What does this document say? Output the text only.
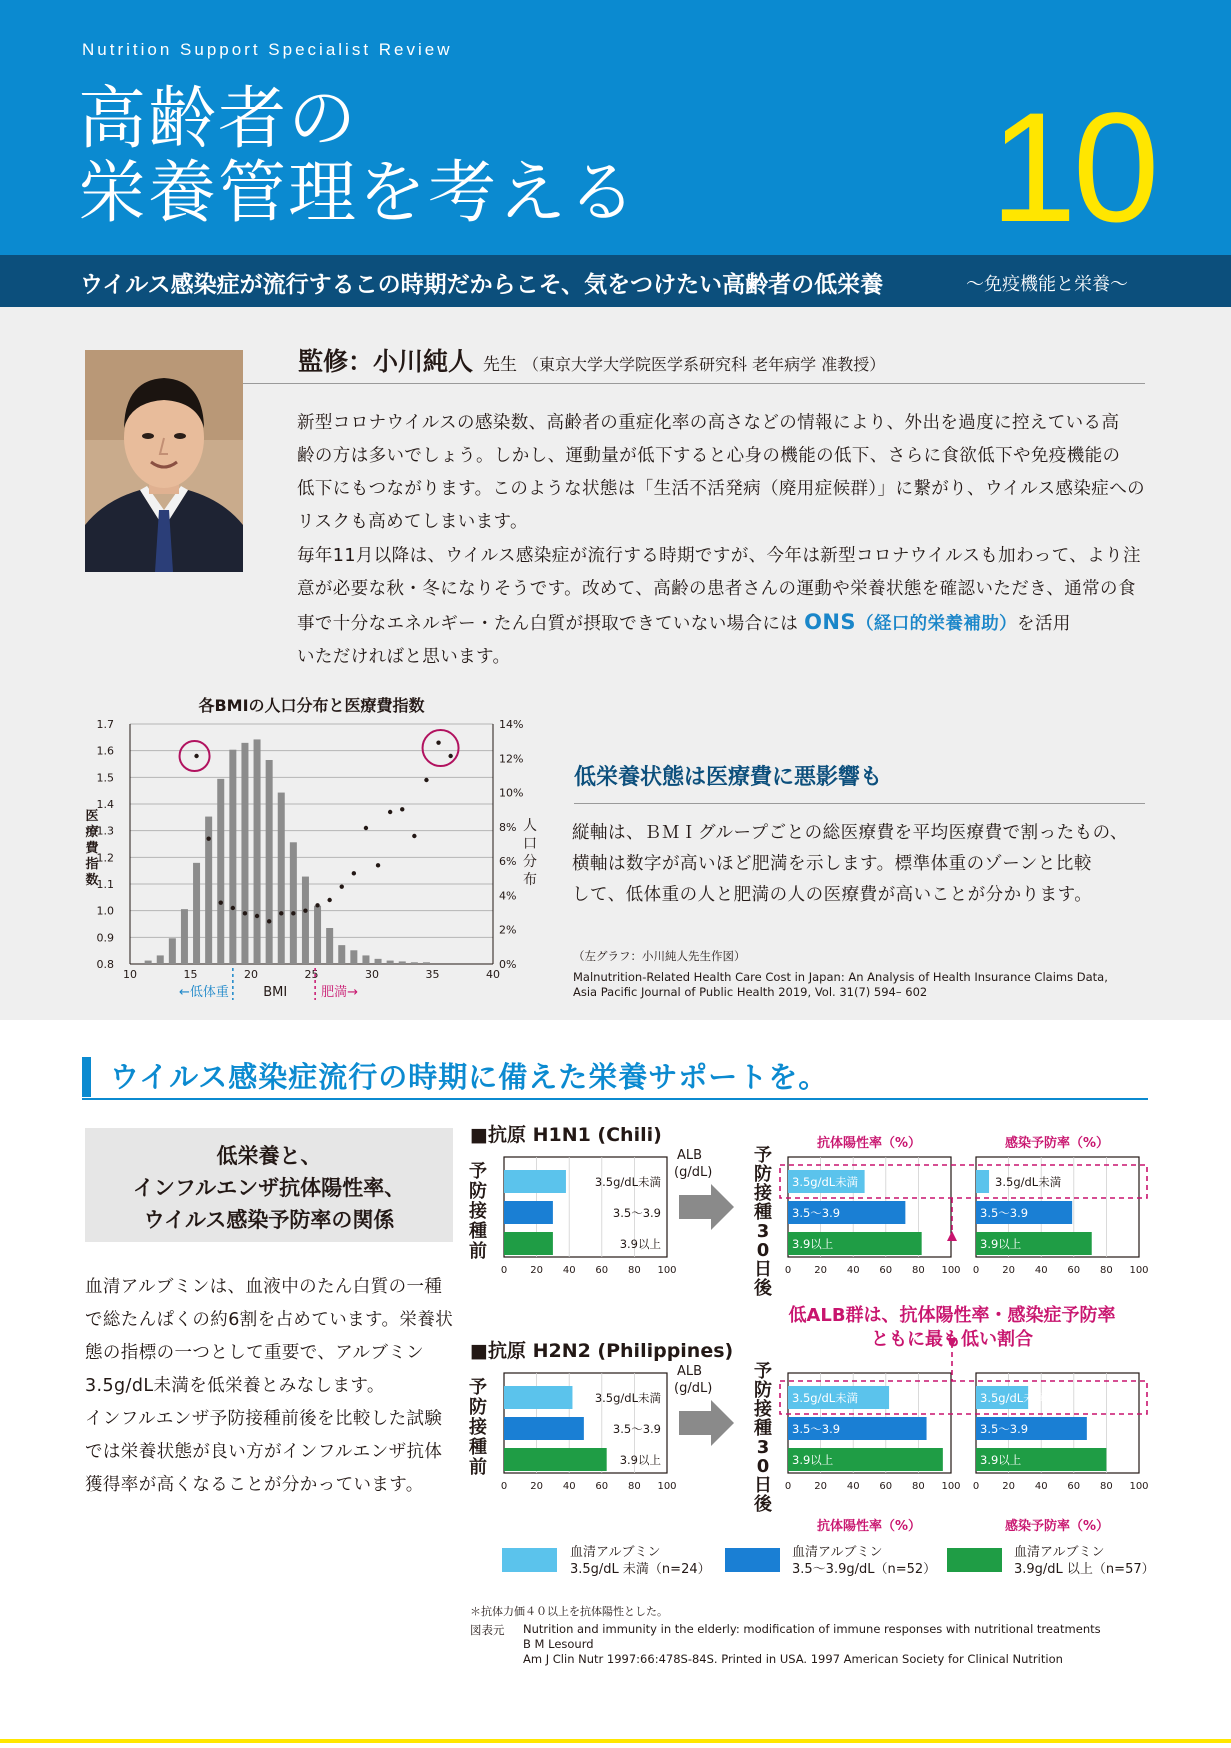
Nutrition Support Specialist Review
高齢者の
栄養管理を考える 10
ウイルス感染症が流行するこの時期だからこそ、気をつけたい高齢者の低栄養	〜免疫機能と栄養〜
監修：小川純人 先生 （東京大学大学院医学系研究科 老年病学 准教授）
新型コロナウイルスの感染数、高齢者の重症化率の高さなどの情報により、外出を過度に控えている高
齢の方は多いでしょう。しかし、運動量が低下すると心身の機能の低下、さらに食欲低下や免疫機能の
低下にもつながります。このような状態は「生活不活発病（廃用症候群）」に繋がり、ウイルス感染症への
リスクも高めてしまいます。
毎年11月以降は、ウイルス感染症が流行する時期ですが、今年は新型コロナウイルスも加わって、より注
意が必要な秋・冬になりそうです。改めて、高齢の患者さんの運動や栄養状態を確認いただき、通常の食
事で十分なエネルギー・たん白質が摂取できていない場合には ONS（経口的栄養補助）を活用
いただければと思います。
各BMIの人口分布と医療費指数
0.8
0.9
1.0
1.1
1.2
1.3
1.4
1.5
1.6
1.7
0%
2%
4%
6%
8%
10%
12%
14%
10	15	20	25	30	35	40
←低体重	BMI	肥満→
医
療
費
指
数
人
口
分
布
低栄養状態は医療費に悪影響も
縦軸は、ＢＭＩグループごとの総医療費を平均医療費で割ったもの、
横軸は数字が高いほど肥満を示します。標準体重のゾーンと比較
して、低体重の人と肥満の人の医療費が高いことが分かります。
（左グラフ：小川純人先生作図）
Malnutrition-Related Health Care Cost in Japan: An Analysis of Health Insurance Claims Data,
Asia Pacific Journal of Public Health 2019, Vol. 31(7) 594– 602
ウイルス感染症流行の時期に備えた栄養サポートを。
低栄養と、
インフルエンザ抗体陽性率、
ウイルス感染予防率の関係
血清アルブミンは、血液中のたん白質の一種
で総たんぱくの約6割を占めています。栄養状
態の指標の一つとして重要で、アルブミン
3.5g/dL未満を低栄養とみなします。
インフルエンザ予防接種前後を比較した試験
では栄養状態が良い方がインフルエンザ抗体
獲得率が高くなることが分かっています。
3.5g/dL未満
3.5〜3.9
3.9以上
0 20 40 60 80 100
3.5g/dL未満
3.5〜3.9
3.9以上
0 20 40 60 80 100
3.5g/dL未満
3.5〜3.9
3.9以上
0 20 40 60 80 100
3.5g/dL未満
3.5〜3.9
3.9以上
0 20 40 60 80 100
3.5g/dL未満
3.5〜3.9
3.9以上
0 20 40 60 80 100
3.5g/dL未満
3.5〜3.9
3.9以上
0 20 40 60 80 100
■抗原 H1N1 (Chili)
■抗原 H2N2 (Philippines)
ALB
(g/dL)
予
防
接
種
前
ALB
(g/dL)
予
防
接
種
前
予
防
接
種
3
0
日
後
予
防
接
種
3
0
日
後
抗体陽性率（%）	感染予防率（%）
抗体陽性率（%）	感染予防率（%）
低ALB群は、抗体陽性率・感染症予防率
ともに最も低い割合
血清アルブミン
3.5g/dL 未満（n=24）
血清アルブミン
3.5〜3.9g/dL（n=52）
血清アルブミン
3.9g/dL 以上（n=57）
＊抗体力価４０以上を抗体陽性とした。
図表元 Nutrition and immunity in the elderly: modification of immune responses with nutritional treatments
B M Lesourd
Am J Clin Nutr 1997:66:478S-84S. Printed in USA. 1997 American Society for Clinical Nutrition
